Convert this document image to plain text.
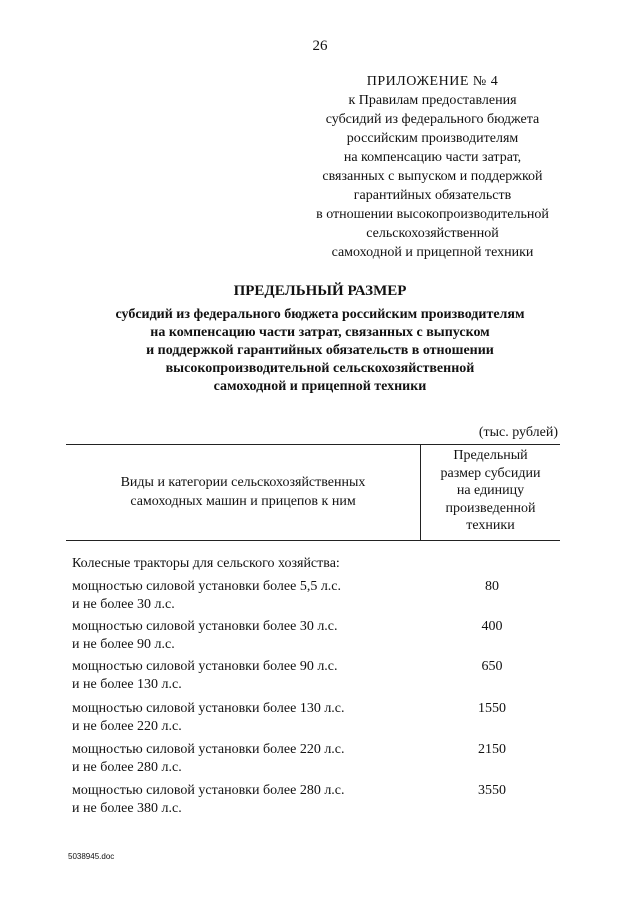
26
ПРИЛОЖЕНИЕ № 4
к Правилам предоставления
субсидий из федерального бюджета
российским производителям
на компенсацию части затрат,
связанных с выпуском и поддержкой
гарантийных обязательств
в отношении высокопроизводительной
сельскохозяйственной
самоходной и прицепной техники
ПРЕДЕЛЬНЫЙ РАЗМЕР
субсидий из федерального бюджета российским производителям
на компенсацию части затрат, связанных с выпуском
и поддержкой гарантийных обязательств в отношении
высокопроизводительной сельскохозяйственной
самоходной и прицепной техники
(тыс. рублей)
Виды и категории сельскохозяйственных
самоходных машин и прицепов к ним
Предельный
размер субсидии
на единицу
произведенной
техники
Колесные тракторы для сельского хозяйства:
мощностью силовой установки более 5,5 л.с.
и не более 30 л.с.
80
мощностью силовой установки более 30 л.с.
и не более 90 л.с.
400
мощностью силовой установки более 90 л.с.
и не более 130 л.с.
650
мощностью силовой установки более 130 л.с.
и не более 220 л.с.
1550
мощностью силовой установки более 220 л.с.
и не более 280 л.с.
2150
мощностью силовой установки более 280 л.с.
и не более 380 л.с.
3550
5038945.doc
